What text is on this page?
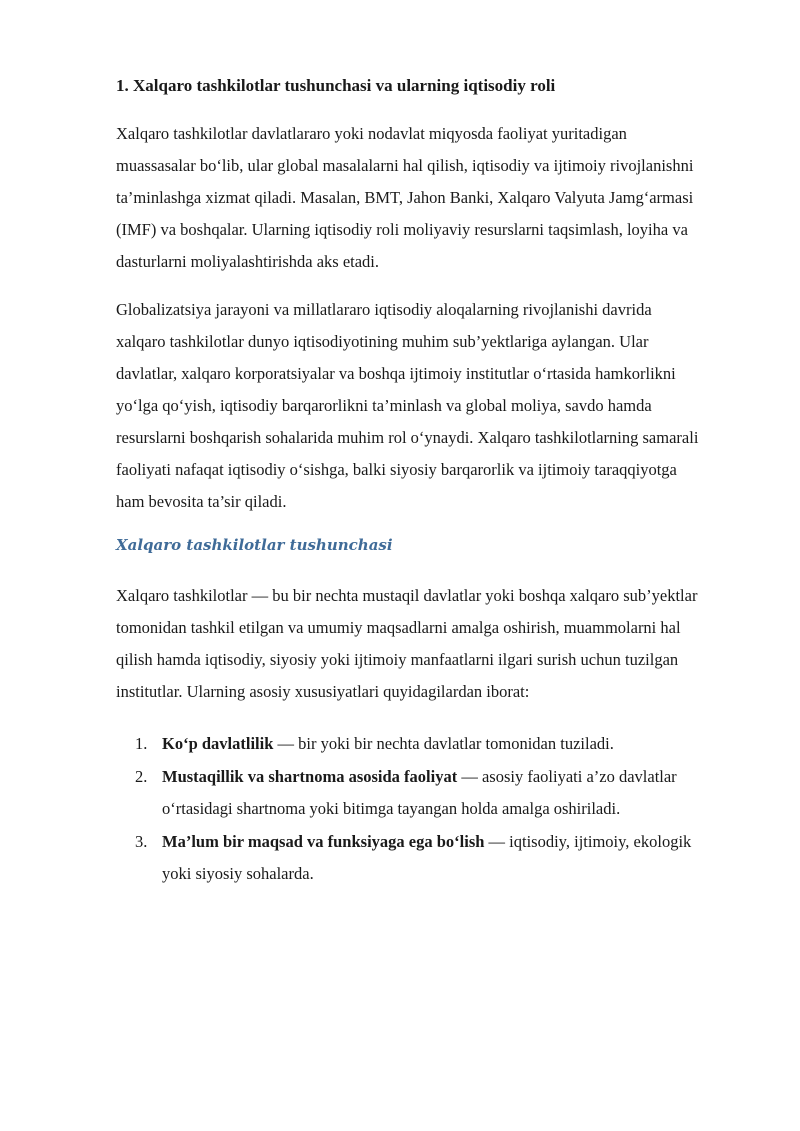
1. Xalqaro tashkilotlar tushunchasi va ularning iqtisodiy roli

Xalqaro tashkilotlar davlatlararo yoki nodavlat miqyosda faoliyat yuritadigan muassasalar bo‘lib, ular global masalalarni hal qilish, iqtisodiy va ijtimoiy rivojlanishni ta’minlashga xizmat qiladi. Masalan, BMT, Jahon Banki, Xalqaro Valyuta Jamg‘armasi (IMF) va boshqalar. Ularning iqtisodiy roli moliyaviy resurslarni taqsimlash, loyiha va dasturlarni moliyalashtirishda aks etadi.

Globalizatsiya jarayoni va millatlararo iqtisodiy aloqalarning rivojlanishi davrida xalqaro tashkilotlar dunyo iqtisodiyotining muhim sub’yektlariga aylangan. Ular davlatlar, xalqaro korporatsiyalar va boshqa ijtimoiy institutlar o‘rtasida hamkorlikni yo‘lga qo‘yish, iqtisodiy barqarorlikni ta’minlash va global moliya, savdo hamda resurslarni boshqarish sohalarida muhim rol o‘ynaydi. Xalqaro tashkilotlarning samarali faoliyati nafaqat iqtisodiy o‘sishga, balki siyosiy barqarorlik va ijtimoiy taraqqiyotga ham bevosita ta’sir qiladi.

Xalqaro tashkilotlar tushunchasi

Xalqaro tashkilotlar — bu bir nechta mustaqil davlatlar yoki boshqa xalqaro sub’yektlar tomonidan tashkil etilgan va umumiy maqsadlarni amalga oshirish, muammolarni hal qilish hamda iqtisodiy, siyosiy yoki ijtimoiy manfaatlarni ilgari surish uchun tuzilgan institutlar. Ularning asosiy xususiyatlari quyidagilardan iborat:

1. Ko‘p davlatlilik — bir yoki bir nechta davlatlar tomonidan tuziladi.
2. Mustaqillik va shartnoma asosida faoliyat — asosiy faoliyati a’zo davlatlar o‘rtasidagi shartnoma yoki bitimga tayangan holda amalga oshiriladi.
3. Ma’lum bir maqsad va funksiyaga ega bo‘lish — iqtisodiy, ijtimoiy, ekologik yoki siyosiy sohalarda.
